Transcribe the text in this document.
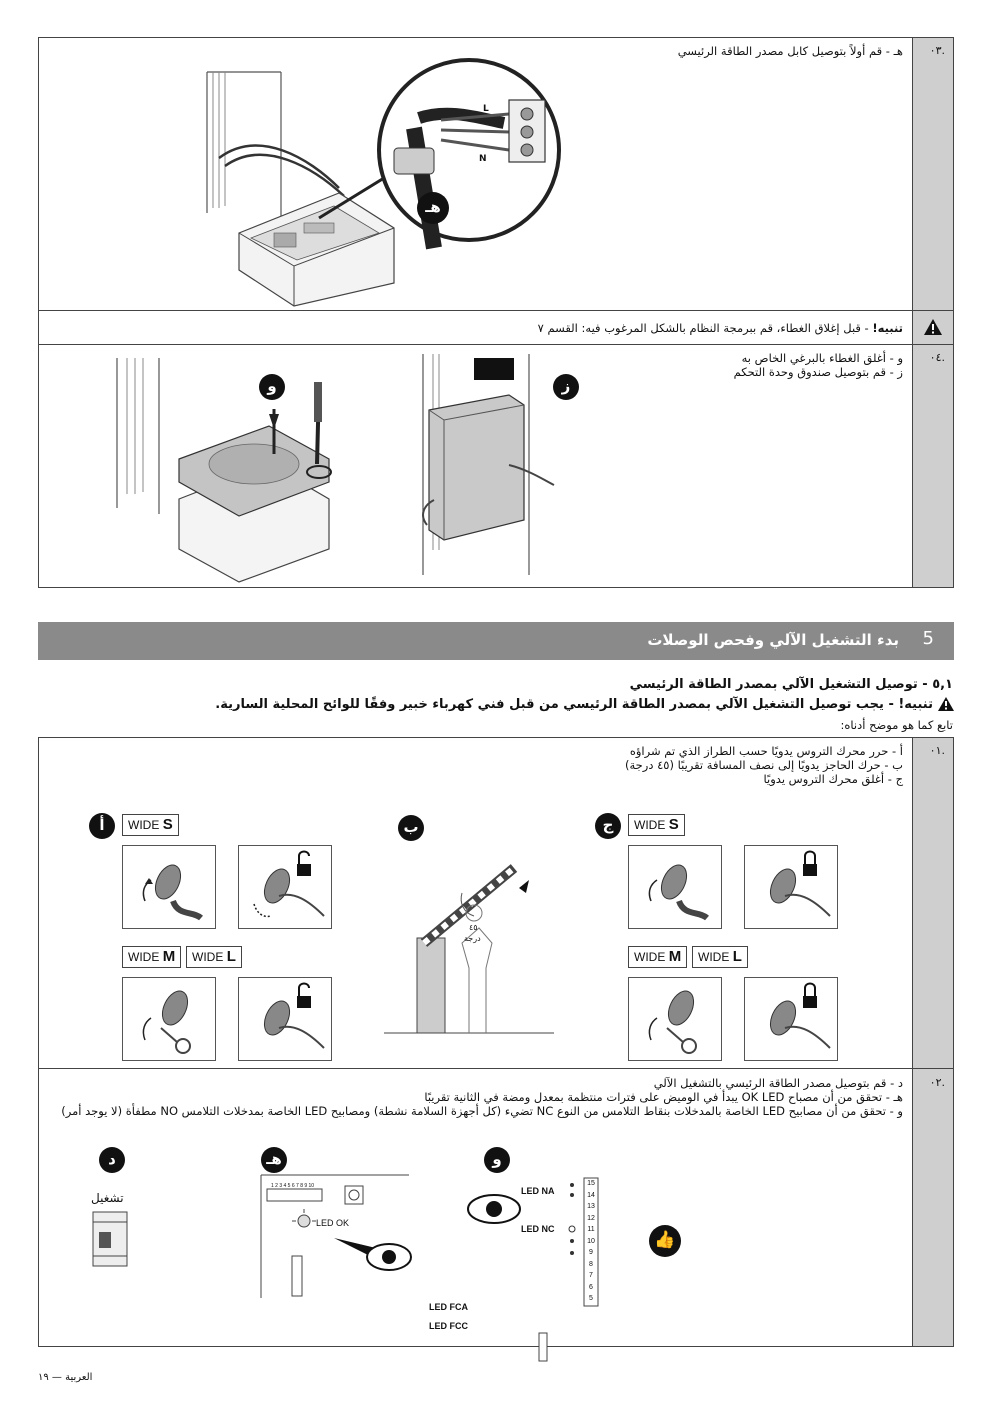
.٠٣
هـ - قم أولاً بتوصيل كابل مصدر الطاقة الرئيسي
L
N
هـ
تنبيه! - قبل إغلاق الغطاء، قم ببرمجة النظام بالشكل المرغوب فيه: القسم ٧
.٠٤
و - أغلق الغطاء بالبرغي الخاص به
ز - قم بتوصيل صندوق وحدة التحكم
و	ز
بدء التشغيل الآلي وفحص الوصلات 5
٥,١ - توصيل التشغيل الآلي بمصدر الطاقة الرئيسي
تنبيه! - يجب توصيل التشغيل الآلي بمصدر الطاقة الرئيسي من قبل فني كهرباء خبير وفقًا للوائح المحلية السارية.
تابع كما هو موضح أدناه:
.٠١
أ - حرر محرك التروس يدويًا حسب الطراز الذي تم شراؤه
ب - حرك الحاجز يدويًا إلى نصف المسافة تقريبًا (٤٥ درجة)
ج - أغلق محرك التروس يدويًا
أ	WIDE S
WIDE M	WIDE L
ب
٤٥
درجة
ج	WIDE S
WIDE M	WIDE L
.٠٢
د - قم بتوصيل مصدر الطاقة الرئيسي بالتشغيل الآلي
هـ - تحقق من أن مصباح OK LED يبدأ في الوميض على فترات منتظمة بمعدل ومضة في الثانية تقريبًا
و - تحقق من أن مصابيح LED الخاصة بالمدخلات بنقاط التلامس من النوع NC تضيء (كل أجهزة السلامة نشطة) ومصابيح LED الخاصة بمدخلات التلامس NO مطفأة (لا يوجد أمر)
د
تشغيل
هـ
1 2 3 4 5 6 7 8 9 10
LED OK
و
LED NA
LED NC
LED FCA
LED FCC
15
14
13
12
11
10
9
8
7
6
5
👍
العربية — ١٩
